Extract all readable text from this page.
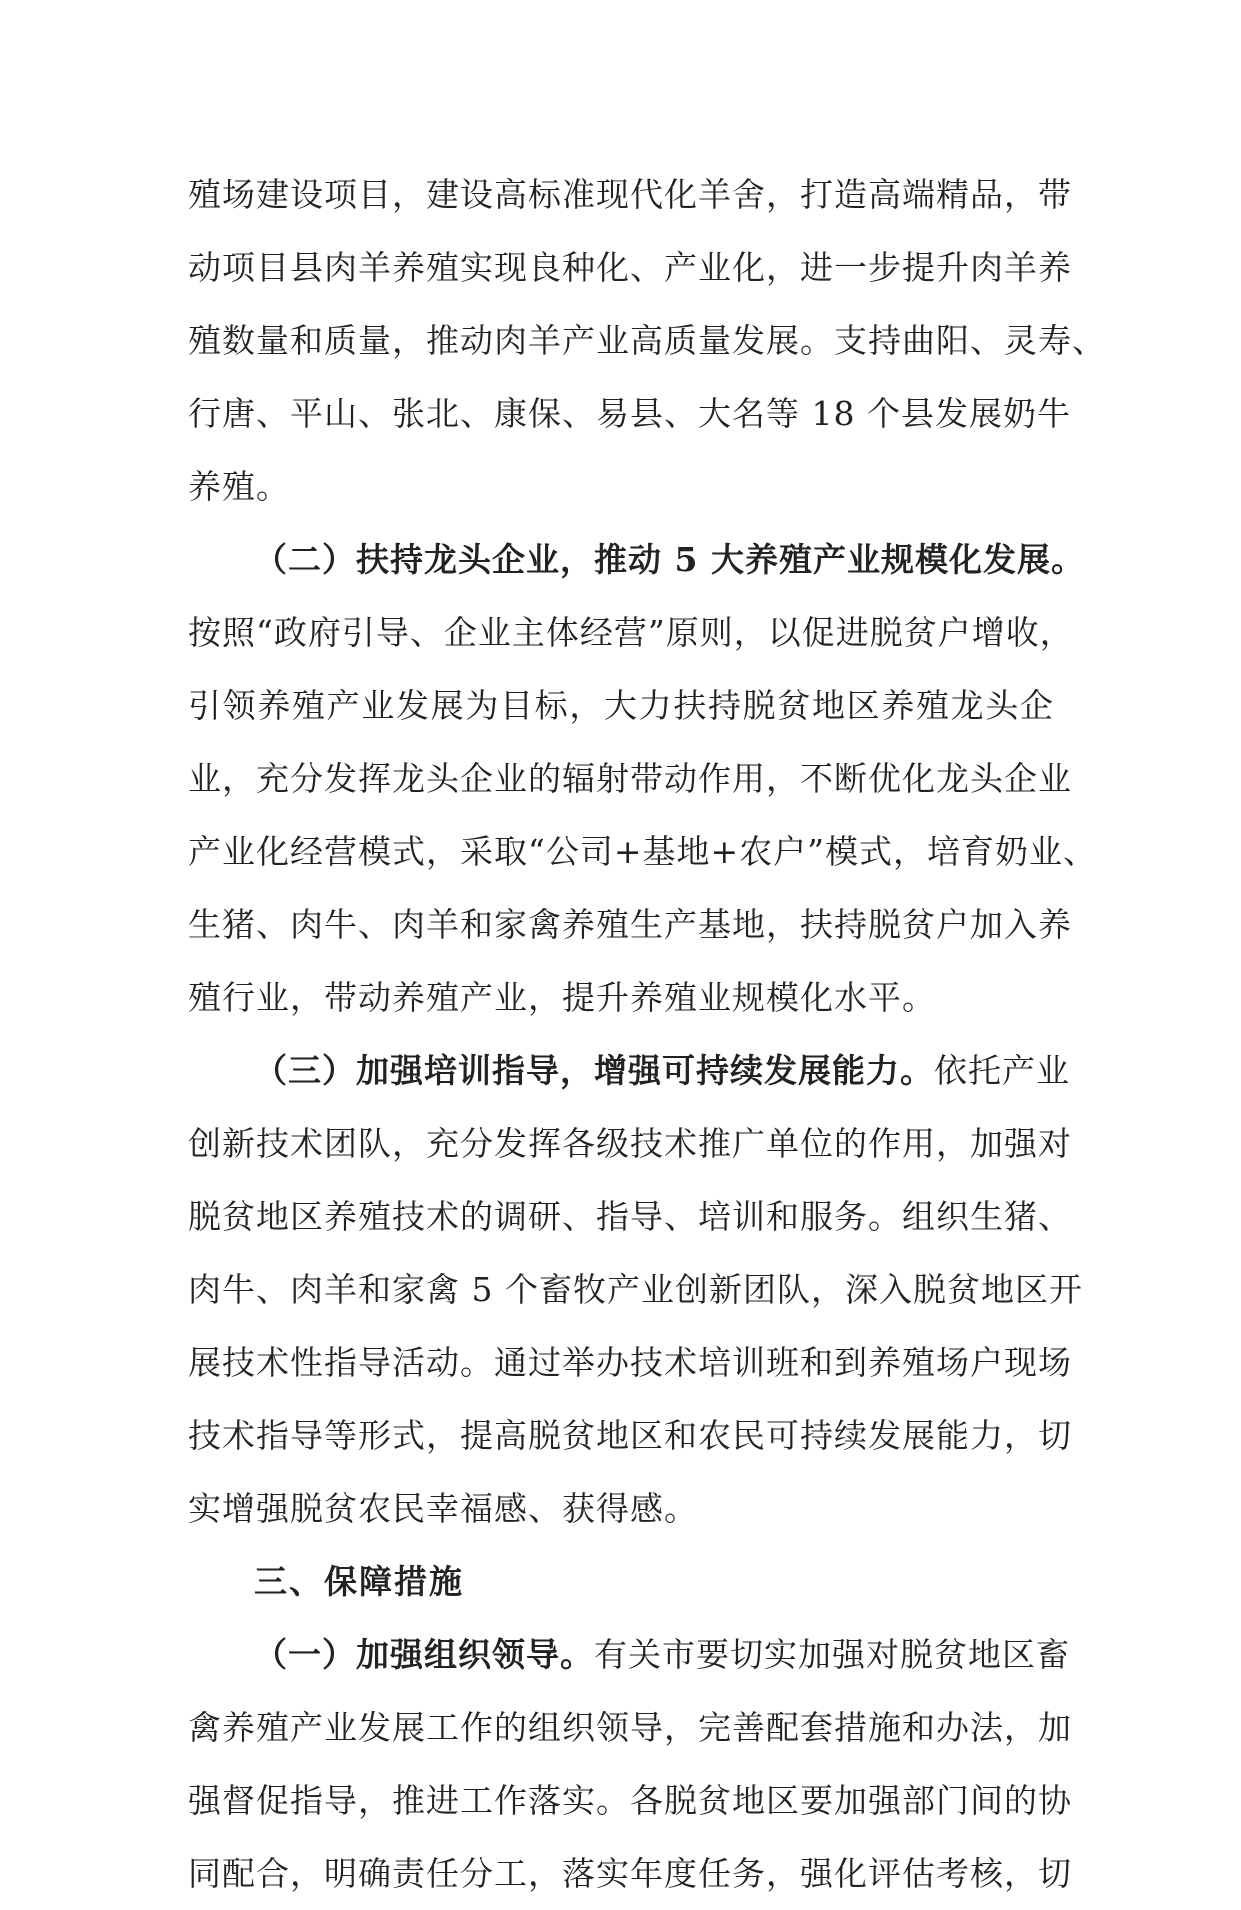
殖场建设项目，建设高标准现代化羊舍，打造高端精品，带
动项目县肉羊养殖实现良种化、产业化，进一步提升肉羊养
殖数量和质量，推动肉羊产业高质量发展。支持曲阳、灵寿、
行唐、平山、张北、康保、易县、大名等 18 个县发展奶牛
养殖。
（二）扶持龙头企业，推动 5 大养殖产业规模化发展。
按照“政府引导、企业主体经营”原则，以促进脱贫户增收，
引领养殖产业发展为目标，大力扶持脱贫地区养殖龙头企
业，充分发挥龙头企业的辐射带动作用，不断优化龙头企业
产业化经营模式，采取“公司+基地+农户”模式，培育奶业、
生猪、肉牛、肉羊和家禽养殖生产基地，扶持脱贫户加入养
殖行业，带动养殖产业，提升养殖业规模化水平。
（三）加强培训指导，增强可持续发展能力。依托产业
创新技术团队，充分发挥各级技术推广单位的作用，加强对
脱贫地区养殖技术的调研、指导、培训和服务。组织生猪、
肉牛、肉羊和家禽 5 个畜牧产业创新团队，深入脱贫地区开
展技术性指导活动。通过举办技术培训班和到养殖场户现场
技术指导等形式，提高脱贫地区和农民可持续发展能力，切
实增强脱贫农民幸福感、获得感。
三、保障措施
（一）加强组织领导。有关市要切实加强对脱贫地区畜
禽养殖产业发展工作的组织领导，完善配套措施和办法，加
强督促指导，推进工作落实。各脱贫地区要加强部门间的协
同配合，明确责任分工，落实年度任务，强化评估考核，切
